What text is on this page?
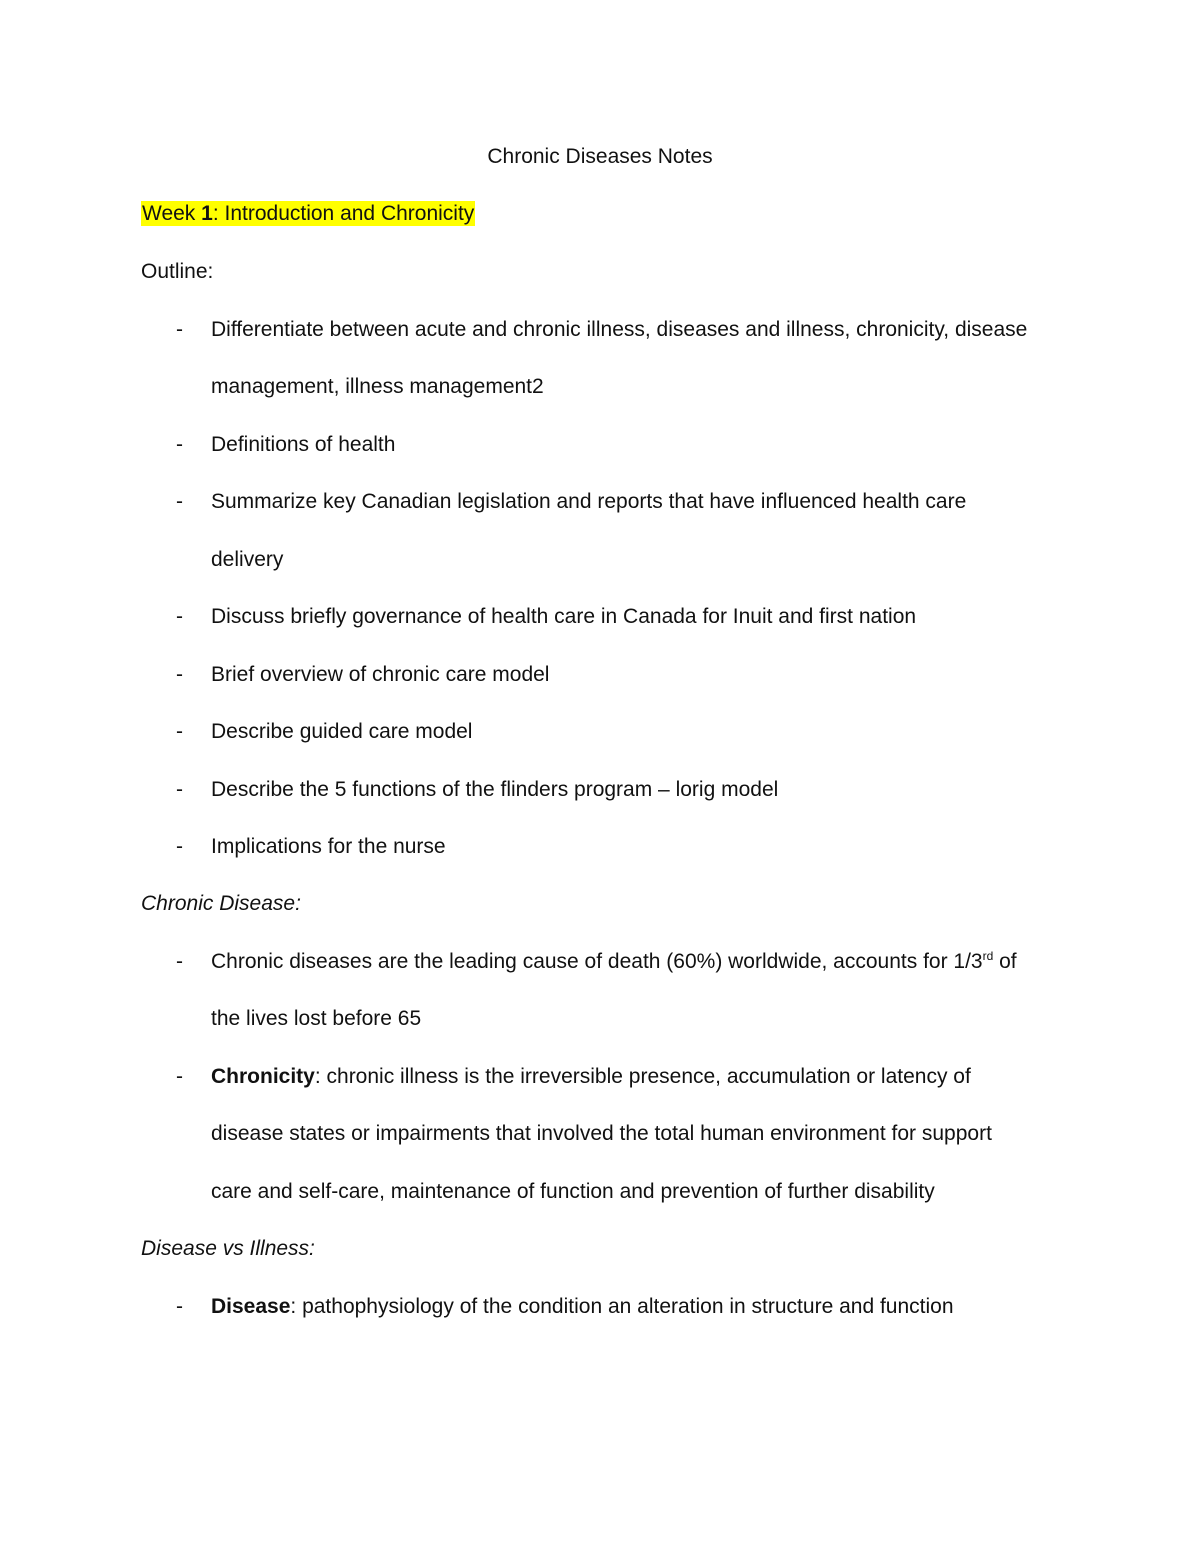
Chronic Diseases Notes
Week 1: Introduction and Chronicity
Outline:
- Differentiate between acute and chronic illness, diseases and illness, chronicity, disease
management, illness management2
- Definitions of health
- Summarize key Canadian legislation and reports that have influenced health care
delivery
- Discuss briefly governance of health care in Canada for Inuit and first nation
- Brief overview of chronic care model
- Describe guided care model
- Describe the 5 functions of the flinders program – lorig model
- Implications for the nurse
Chronic Disease:
- Chronic diseases are the leading cause of death (60%) worldwide, accounts for 1/3rd of
the lives lost before 65
- Chronicity: chronic illness is the irreversible presence, accumulation or latency of
disease states or impairments that involved the total human environment for support
care and self-care, maintenance of function and prevention of further disability
Disease vs Illness:
- Disease: pathophysiology of the condition an alteration in structure and function
